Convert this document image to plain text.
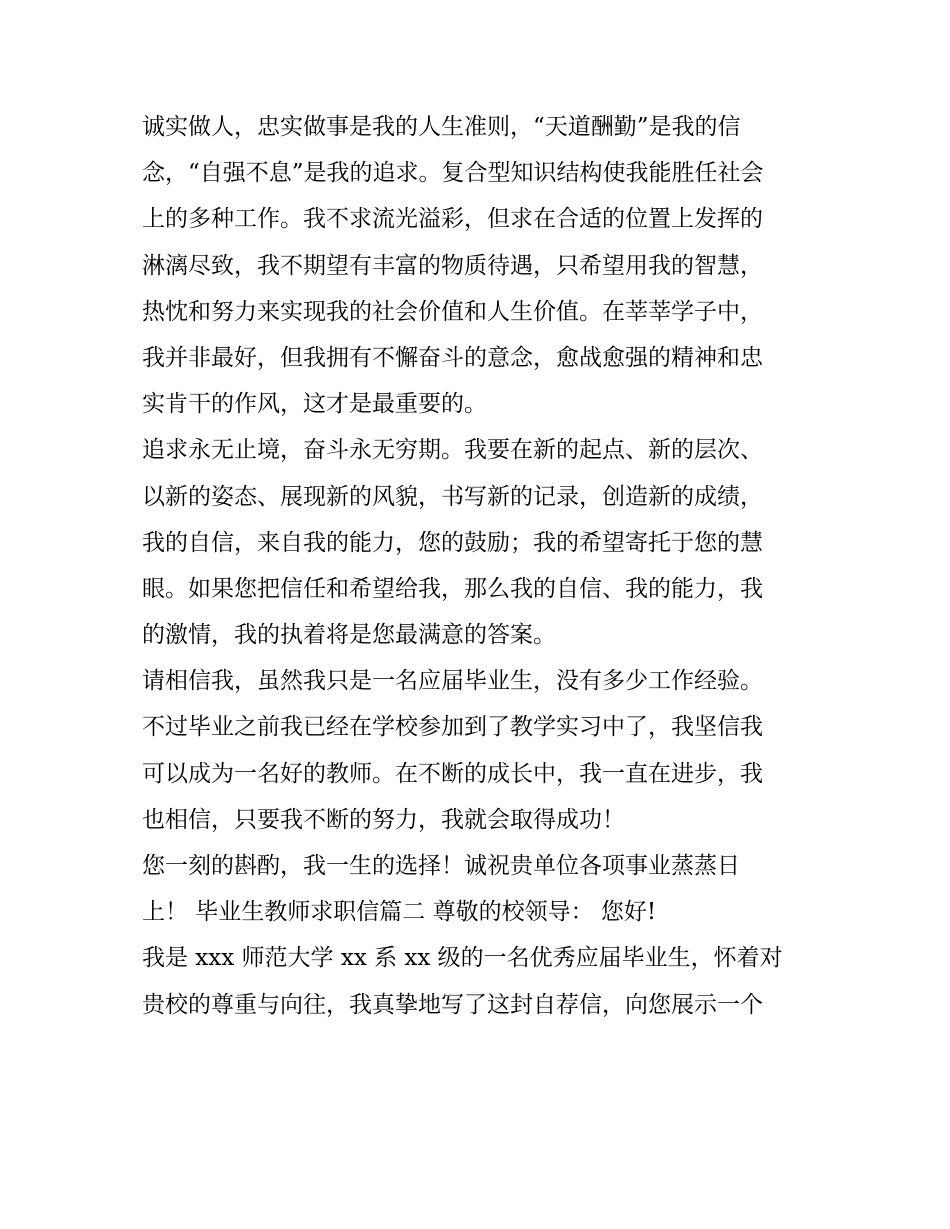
诚实做人，忠实做事是我的人生准则，“天道酬勤”是我的信
念，“自强不息”是我的追求。复合型知识结构使我能胜任社会
上的多种工作。我不求流光溢彩，但求在合适的位置上发挥的
淋漓尽致，我不期望有丰富的物质待遇，只希望用我的智慧，
热忱和努力来实现我的社会价值和人生价值。在莘莘学子中，
我并非最好，但我拥有不懈奋斗的意念，愈战愈强的精神和忠
实肯干的作风，这才是最重要的。

追求永无止境，奋斗永无穷期。我要在新的起点、新的层次、
以新的姿态、展现新的风貌，书写新的记录，创造新的成绩，
我的自信，来自我的能力，您的鼓励；我的希望寄托于您的慧
眼。如果您把信任和希望给我，那么我的自信、我的能力，我
的激情，我的执着将是您最满意的答案。

请相信我，虽然我只是一名应届毕业生，没有多少工作经验。
不过毕业之前我已经在学校参加到了教学实习中了，我坚信我
可以成为一名好的教师。在不断的成长中，我一直在进步，我
也相信，只要我不断的努力，我就会取得成功！

您一刻的斟酌，我一生的选择！诚祝贵单位各项事业蒸蒸日
上！ 毕业生教师求职信篇二 尊敬的校领导： 您好!

我是 xxx 师范大学 xx 系 xx 级的一名优秀应届毕业生，怀着对
贵校的尊重与向往，我真挚地写了这封自荐信，向您展示一个
